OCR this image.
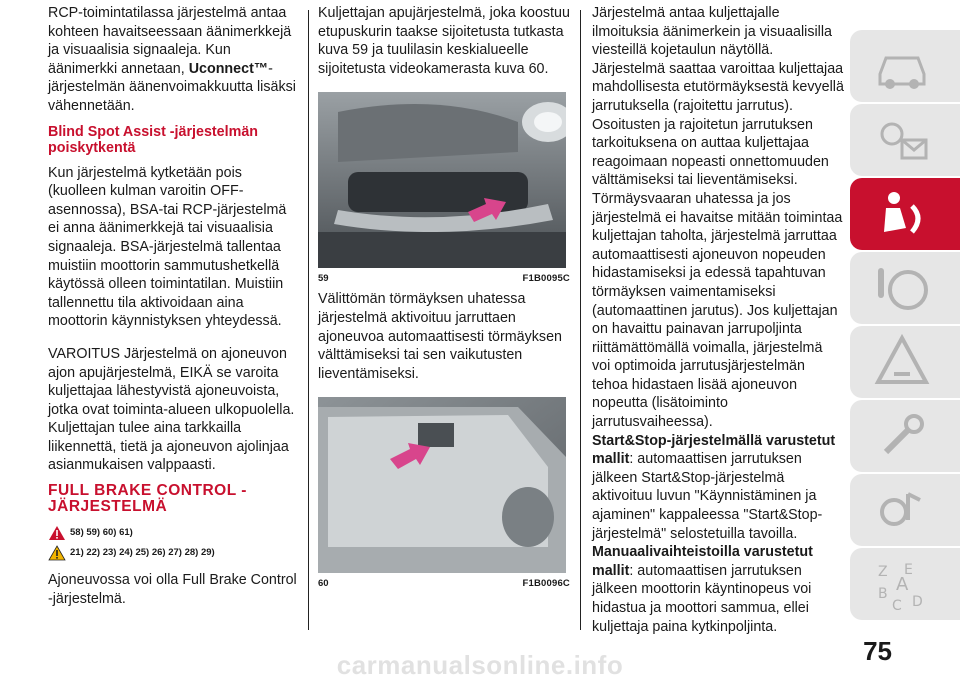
RCP-toimintatilassa järjestelmä antaa kohteen havaitseessaan äänimerkkejä ja visuaalisia signaaleja. Kun äänimerkki annetaan, Uconnect™-järjestelmän äänenvoimakkuutta lisäksi vähennetään.

Blind Spot Assist -järjestelmän poiskytkentä

Kun järjestelmä kytketään pois (kuolleen kulman varoitin OFF-asennossa), BSA-tai RCP-järjestelmä ei anna äänimerkkejä tai visuaalisia signaaleja. BSA-järjestelmä tallentaa muistiin moottorin sammutushetkellä käytössä olleen toimintatilan. Muistiin tallennettu tila aktivoidaan aina moottorin käynnistyksen yhteydessä.

VAROITUS Järjestelmä on ajoneuvon ajon apujärjestelmä, EIKÄ se varoita kuljettajaa lähestyvistä ajoneuvoista, jotka ovat toiminta-alueen ulkopuolella. Kuljettajan tulee aina tarkkailla liikennettä, tietä ja ajoneuvon ajolinjaa asianmukaisen valppaasti.

FULL BRAKE CONTROL -JÄRJESTELMÄ

58) 59) 60) 61)
21) 22) 23) 24) 25) 26) 27) 28) 29)

Ajoneuvossa voi olla Full Brake Control -järjestelmä.

Kuljettajan apujärjestelmä, joka koostuu etupuskurin taakse sijoitetusta tutkasta kuva 59 ja tuulilasin keskialueelle sijoitetusta videokamerasta kuva 60.

59	F1B0095C

Välittömän törmäyksen uhatessa järjestelmä aktivoituu jarruttaen ajoneuvoa automaattisesti törmäyksen välttämiseksi tai sen vaikutusten lieventämiseksi.

60	F1B0096C

Järjestelmä antaa kuljettajalle ilmoituksia äänimerkein ja visuaalisilla viesteillä kojetaulun näytöllä. Järjestelmä saattaa varoittaa kuljettajaa mahdollisesta etutörmäyksestä kevyellä jarrutuksella (rajoitettu jarrutus). Osoitusten ja rajoitetun jarrutuksen tarkoituksena on auttaa kuljettajaa reagoimaan nopeasti onnettomuuden välttämiseksi tai lieventämiseksi. Törmäysvaaran uhatessa ja jos järjestelmä ei havaitse mitään toimintaa kuljettajan taholta, järjestelmä jarruttaa automaattisesti ajoneuvon nopeuden hidastamiseksi ja edessä tapahtuvan törmäyksen vaimentamiseksi (automaattinen jarutus). Jos kuljettajan on havaittu painavan jarrupoljinta riittämättömällä voimalla, järjestelmä voi optimoida jarrutusjärjestelmän tehoa hidastaen lisää ajoneuvon nopeutta (lisätoiminto jarrutusvaiheessa).

Start&Stop-järjestelmällä varustetut mallit: automaattisen jarrutuksen jälkeen Start&Stop-järjestelmä aktivoituu luvun "Käynnistäminen ja ajaminen" kappaleessa "Start&Stop-järjestelmä" selostetuilla tavoilla.

Manuaalivaihteistoilla varustetut mallit: automaattisen jarrutuksen jälkeen moottorin käyntinopeus voi hidastua ja moottori sammua, ellei kuljettaja paina kytkinpoljinta.

Z E
B A
C D
75
carmanualsonline.info
